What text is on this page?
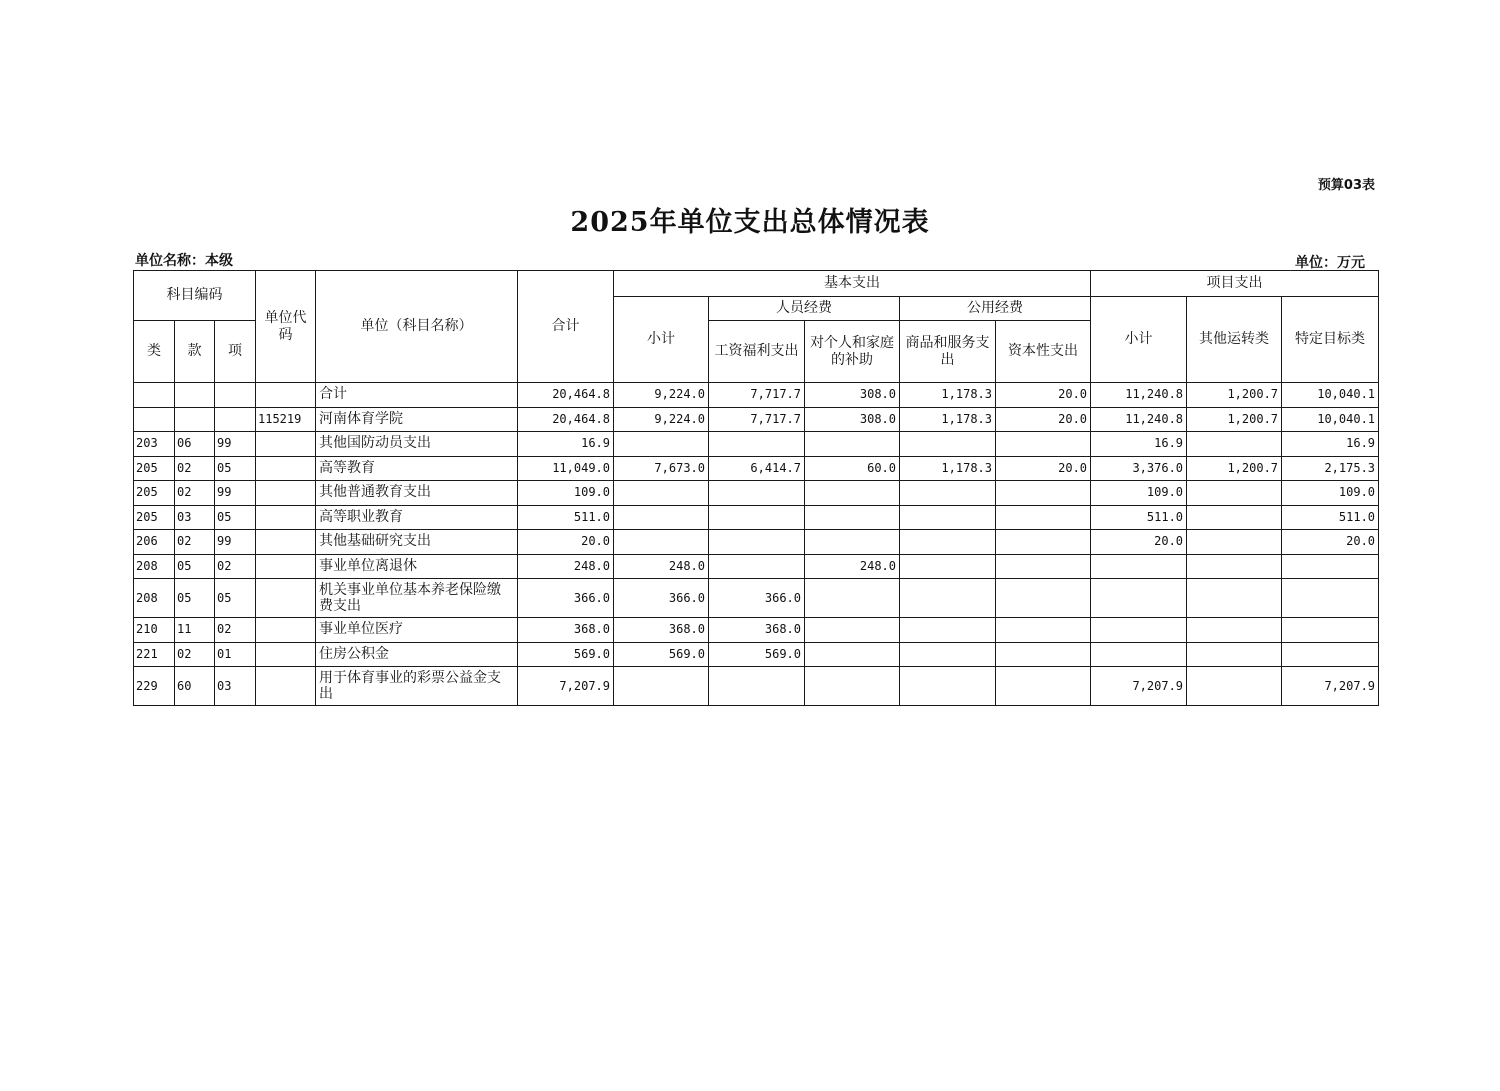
预算03表
2025年单位支出总体情况表
单位名称：本级	单位：万元
科目编码			单位代码	单位（科目名称）	合计	基本支出					项目支出		
						小计	人员经费		公用经费		小计	其他运转类	特定目标类
类	款	项					工资福利支出	对个人和家庭的补助	商品和服务支出	资本性支出			
				合计	20,464.8	9,224.0	7,717.7	308.0	1,178.3	20.0	11,240.8	1,200.7	10,040.1
			115219	河南体育学院	20,464.8	9,224.0	7,717.7	308.0	1,178.3	20.0	11,240.8	1,200.7	10,040.1
203	06	99		其他国防动员支出	16.9						16.9		16.9
205	02	05		高等教育	11,049.0	7,673.0	6,414.7	60.0	1,178.3	20.0	3,376.0	1,200.7	2,175.3
205	02	99		其他普通教育支出	109.0						109.0		109.0
205	03	05		高等职业教育	511.0						511.0		511.0
206	02	99		其他基础研究支出	20.0						20.0		20.0
208	05	02		事业单位离退休	248.0	248.0		248.0					
208	05	05		机关事业单位基本养老保险缴费支出	366.0	366.0	366.0						
210	11	02		事业单位医疗	368.0	368.0	368.0						
221	02	01		住房公积金	569.0	569.0	569.0						
229	60	03		用于体育事业的彩票公益金支出	7,207.9						7,207.9		7,207.9
